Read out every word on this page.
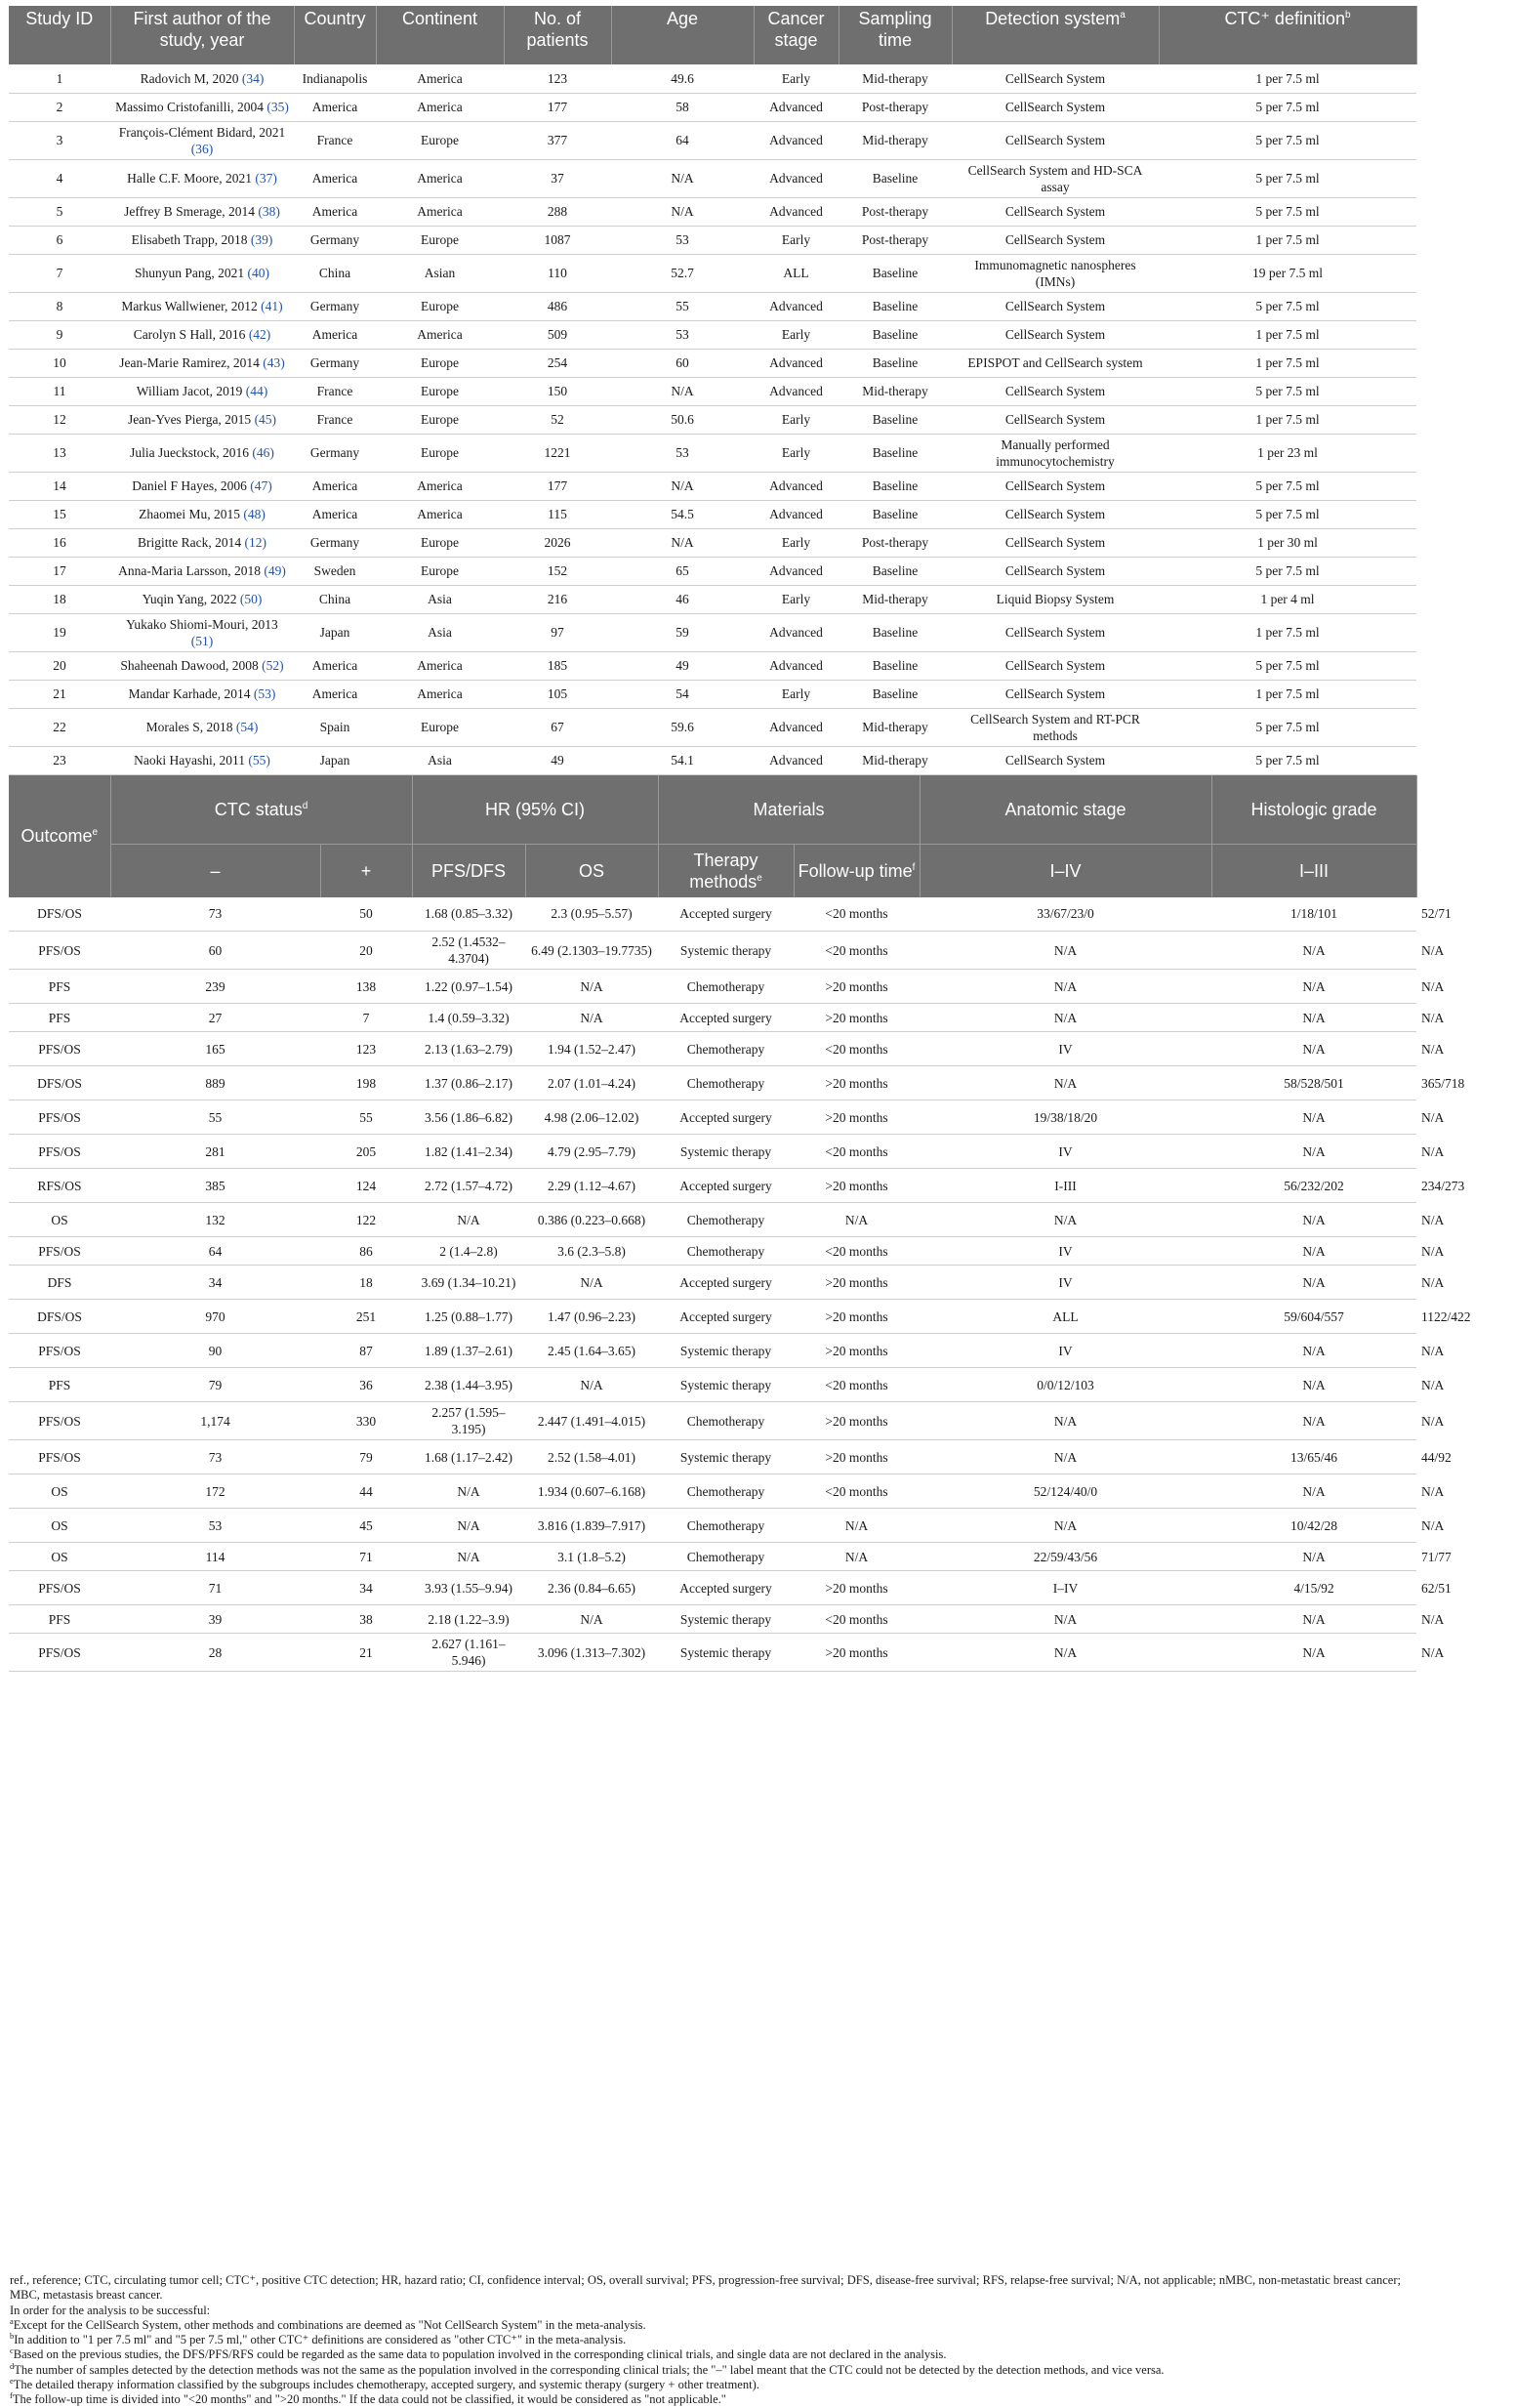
Study ID	First author of the study, year	Country	Continent	No. of patients	Age	Cancer stage	Sampling time	Detection system$^a$	CTC⁺ definition$^b$
1	Radovich M, 2020 (34)	Indianapolis	America	123	49.6	Early	Mid-therapy	CellSearch System	1 per 7.5 ml
2	Massimo Cristofanilli, 2004 (35)	America	America	177	58	Advanced	Post-therapy	CellSearch System	5 per 7.5 ml
3	François-Clément Bidard, 2021 (36)	France	Europe	377	64	Advanced	Mid-therapy	CellSearch System	5 per 7.5 ml
4	Halle C.F. Moore, 2021 (37)	America	America	37	N/A	Advanced	Baseline	CellSearch System and HD-SCA assay	5 per 7.5 ml
5	Jeffrey B Smerage, 2014 (38)	America	America	288	N/A	Advanced	Post-therapy	CellSearch System	5 per 7.5 ml
6	Elisabeth Trapp, 2018 (39)	Germany	Europe	1087	53	Early	Post-therapy	CellSearch System	1 per 7.5 ml
7	Shunyun Pang, 2021 (40)	China	Asian	110	52.7	ALL	Baseline	Immunomagnetic nanospheres (IMNs)	19 per 7.5 ml
8	Markus Wallwiener, 2012 (41)	Germany	Europe	486	55	Advanced	Baseline	CellSearch System	5 per 7.5 ml
9	Carolyn S Hall, 2016 (42)	America	America	509	53	Early	Baseline	CellSearch System	1 per 7.5 ml
10	Jean-Marie Ramirez, 2014 (43)	Germany	Europe	254	60	Advanced	Baseline	EPISPOT and CellSearch system	1 per 7.5 ml
11	William Jacot, 2019 (44)	France	Europe	150	N/A	Advanced	Mid-therapy	CellSearch System	5 per 7.5 ml
12	Jean-Yves Pierga, 2015 (45)	France	Europe	52	50.6	Early	Baseline	CellSearch System	1 per 7.5 ml
13	Julia Jueckstock, 2016 (46)	Germany	Europe	1221	53	Early	Baseline	Manually performed immunocytochemistry	1 per 23 ml
14	Daniel F Hayes, 2006 (47)	America	America	177	N/A	Advanced	Baseline	CellSearch System	5 per 7.5 ml
15	Zhaomei Mu, 2015 (48)	America	America	115	54.5	Advanced	Baseline	CellSearch System	5 per 7.5 ml
16	Brigitte Rack, 2014 (12)	Germany	Europe	2026	N/A	Early	Post-therapy	CellSearch System	1 per 30 ml
17	Anna-Maria Larsson, 2018 (49)	Sweden	Europe	152	65	Advanced	Baseline	CellSearch System	5 per 7.5 ml
18	Yuqin Yang, 2022 (50)	China	Asia	216	46	Early	Mid-therapy	Liquid Biopsy System	1 per 4 ml
19	Yukako Shiomi-Mouri, 2013 (51)	Japan	Asia	97	59	Advanced	Baseline	CellSearch System	1 per 7.5 ml
20	Shaheenah Dawood, 2008 (52)	America	America	185	49	Advanced	Baseline	CellSearch System	5 per 7.5 ml
21	Mandar Karhade, 2014 (53)	America	America	105	54	Early	Baseline	CellSearch System	1 per 7.5 ml
22	Morales S, 2018 (54)	Spain	Europe	67	59.6	Advanced	Mid-therapy	CellSearch System and RT-PCR methods	5 per 7.5 ml
23	Naoki Hayashi, 2011 (55)	Japan	Asia	49	54.1	Advanced	Mid-therapy	CellSearch System	5 per 7.5 ml
Outcome$^e$	CTC status$^d$		HR (95% CI)		Materials		Anatomic stage	Histologic grade	Lymph node involvement
	–	+	PFS/DFS	OS	Therapy methods$^e$	Follow-up time$^f$	I–IV	I–III	Y/N
DFS/OS	73	50	1.68 (0.85–3.32)	2.3 (0.95–5.57)	Accepted surgery	<20 months	33/67/23/0	1/18/101	52/71
PFS/OS	60	20	2.52 (1.4532–4.3704)	6.49 (2.1303–19.7735)	Systemic therapy	<20 months	N/A	N/A	N/A
PFS	239	138	1.22 (0.97–1.54)	N/A	Chemotherapy	>20 months	N/A	N/A	N/A
PFS	27	7	1.4 (0.59–3.32)	N/A	Accepted surgery	>20 months	N/A	N/A	N/A
PFS/OS	165	123	2.13 (1.63–2.79)	1.94 (1.52–2.47)	Chemotherapy	<20 months	IV	N/A	N/A
DFS/OS	889	198	1.37 (0.86–2.17)	2.07 (1.01–4.24)	Chemotherapy	>20 months	N/A	58/528/501	365/718
PFS/OS	55	55	3.56 (1.86–6.82)	4.98 (2.06–12.02)	Accepted surgery	>20 months	19/38/18/20	N/A	N/A
PFS/OS	281	205	1.82 (1.41–2.34)	4.79 (2.95–7.79)	Systemic therapy	<20 months	IV	N/A	N/A
RFS/OS	385	124	2.72 (1.57–4.72)	2.29 (1.12–4.67)	Accepted surgery	>20 months	I-III	56/232/202	234/273
OS	132	122	N/A	0.386 (0.223–0.668)	Chemotherapy	N/A	N/A	N/A	N/A
PFS/OS	64	86	2 (1.4–2.8)	3.6 (2.3–5.8)	Chemotherapy	<20 months	IV	N/A	N/A
DFS	34	18	3.69 (1.34–10.21)	N/A	Accepted surgery	>20 months	IV	N/A	N/A
DFS/OS	970	251	1.25 (0.88–1.77)	1.47 (0.96–2.23)	Accepted surgery	>20 months	ALL	59/604/557	1122/422
PFS/OS	90	87	1.89 (1.37–2.61)	2.45 (1.64–3.65)	Systemic therapy	>20 months	IV	N/A	N/A
PFS	79	36	2.38 (1.44–3.95)	N/A	Systemic therapy	<20 months	0/0/12/103	N/A	N/A
PFS/OS	1,174	330	2.257 (1.595–3.195)	2.447 (1.491–4.015)	Chemotherapy	>20 months	N/A	N/A	N/A
PFS/OS	73	79	1.68 (1.17–2.42)	2.52 (1.58–4.01)	Systemic therapy	>20 months	N/A	13/65/46	44/92
OS	172	44	N/A	1.934 (0.607–6.168)	Chemotherapy	<20 months	52/124/40/0	N/A	N/A
OS	53	45	N/A	3.816 (1.839–7.917)	Chemotherapy	N/A	N/A	10/42/28	N/A
OS	114	71	N/A	3.1 (1.8–5.2)	Chemotherapy	N/A	22/59/43/56	N/A	71/77
PFS/OS	71	34	3.93 (1.55–9.94)	2.36 (0.84–6.65)	Accepted surgery	>20 months	I–IV	4/15/92	62/51
PFS	39	38	2.18 (1.22–3.9)	N/A	Systemic therapy	<20 months	N/A	N/A	N/A
PFS/OS	28	21	2.627 (1.161–5.946)	3.096 (1.313–7.302)	Systemic therapy	>20 months	N/A	N/A	N/A

ref., reference; CTC, circulating tumor cell; CTC⁺, positive CTC detection; HR, hazard ratio; CI, confidence interval; OS, overall survival; PFS, progression-free survival; DFS, disease-free survival; RFS, relapse-free survival; N/A, not applicable; nMBC, non-metastatic breast cancer; MBC, metastasis breast cancer.

In order for the analysis to be successful:

$^a$Except for the CellSearch System, other methods and combinations are deemed as "Not CellSearch System" in the meta-analysis.

$^b$In addition to "1 per 7.5 ml" and "5 per 7.5 ml," other CTC⁺ definitions are considered as "other CTC⁺" in the meta-analysis.

$^c$Based on the previous studies, the DFS/PFS/RFS could be regarded as the same data to population involved in the corresponding clinical trials, and single data are not declared in the analysis.

$^d$The number of samples detected by the detection methods was not the same as the population involved in the corresponding clinical trials; the "–" label meant that the CTC could not be detected by the detection methods, and vice versa.

$^e$The detailed therapy information classified by the subgroups includes chemotherapy, accepted surgery, and systemic therapy (surgery + other treatment).

$^f$The follow-up time is divided into "<20 months" and ">20 months." If the data could not be classified, it would be considered as "not applicable."
